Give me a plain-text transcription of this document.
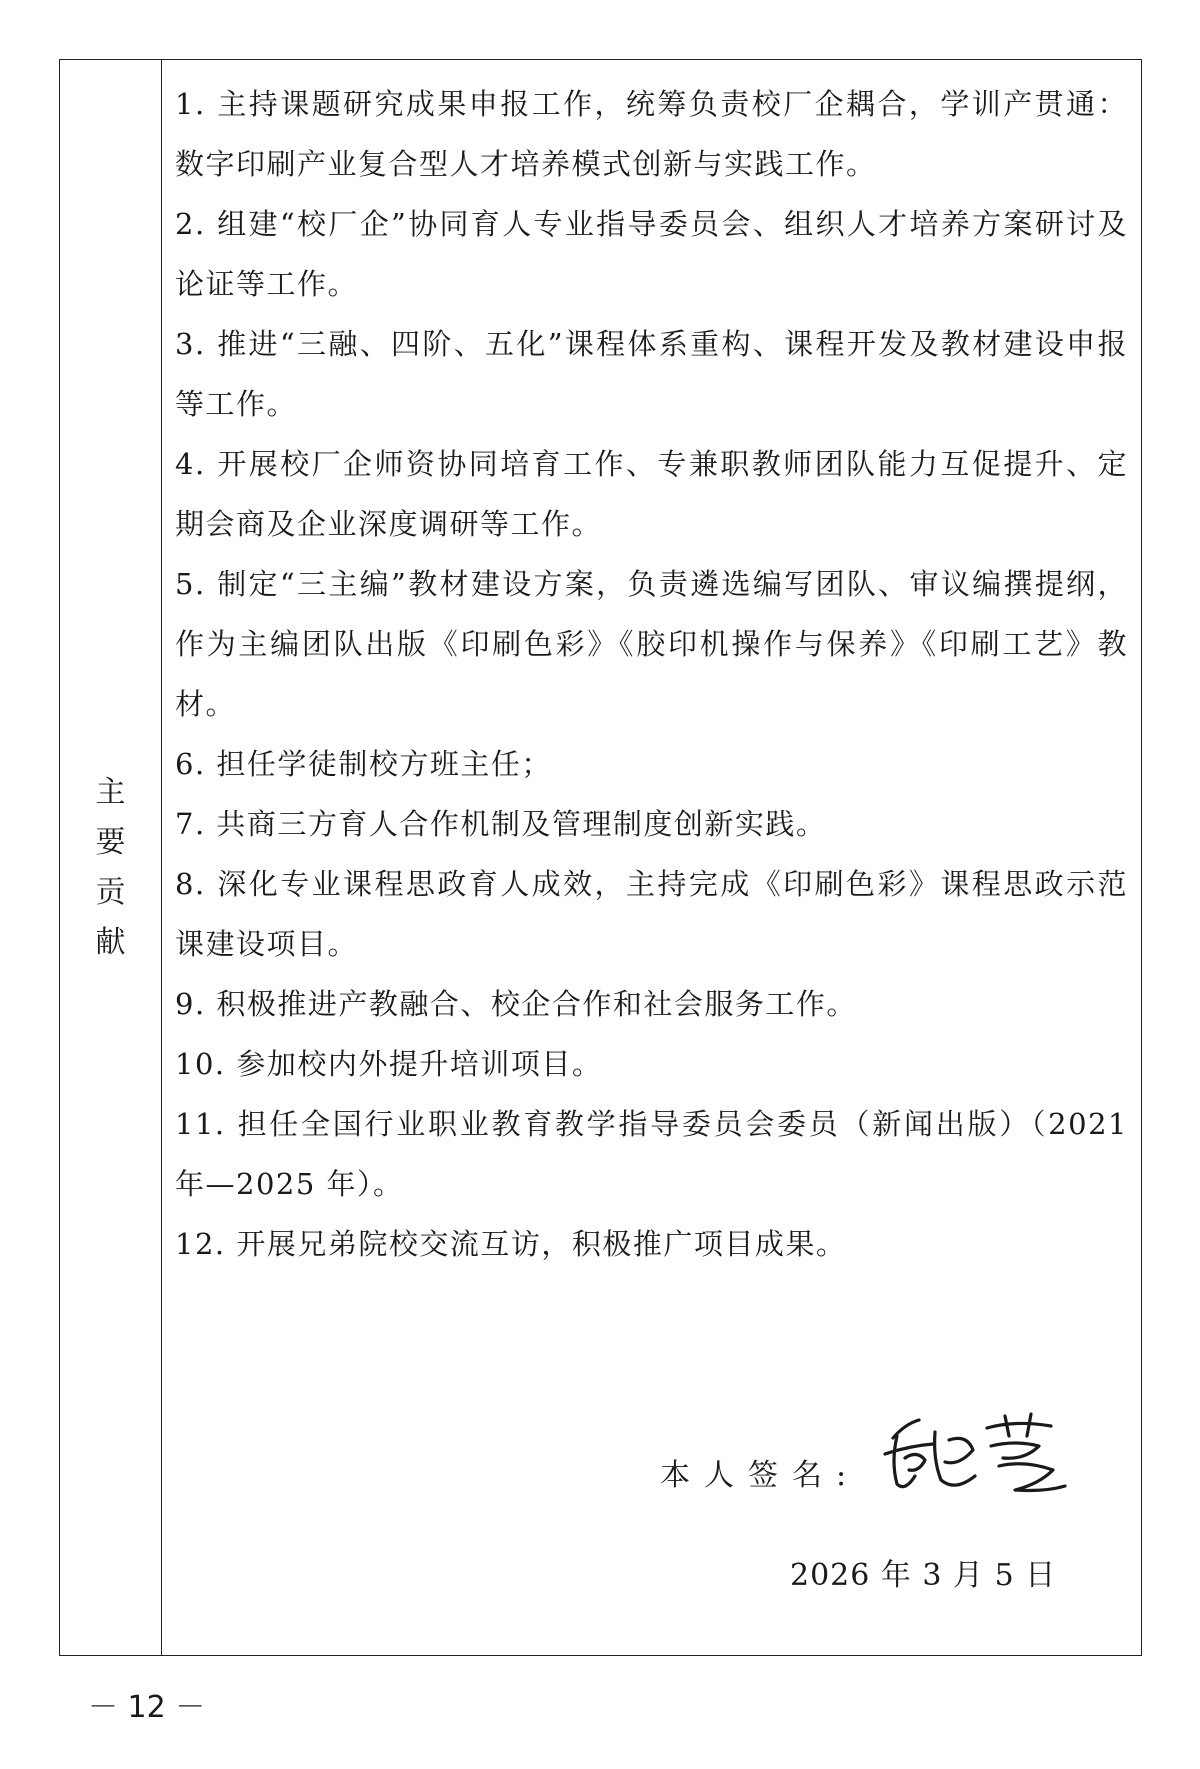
主
要
贡
献

1. 主持课题研究成果申报工作，统筹负责校厂企耦合，学训产贯通：数字印刷产业复合型人才培养模式创新与实践工作。

2. 组建“校厂企”协同育人专业指导委员会、组织人才培养方案研讨及论证等工作。

3. 推进“三融、四阶、五化”课程体系重构、课程开发及教材建设申报等工作。

4. 开展校厂企师资协同培育工作、专兼职教师团队能力互促提升、定期会商及企业深度调研等工作。

5. 制定“三主编”教材建设方案，负责遴选编写团队、审议编撰提纲，作为主编团队出版《印刷色彩》《胶印机操作与保养》《印刷工艺》教材。

6. 担任学徒制校方班主任；

7. 共商三方育人合作机制及管理制度创新实践。

8. 深化专业课程思政育人成效，主持完成《印刷色彩》课程思政示范课建设项目。

9. 积极推进产教融合、校企合作和社会服务工作。

10. 参加校内外提升培训项目。

11. 担任全国行业职业教育教学指导委员会委员（新闻出版）（2021 年—2025 年）。

12. 开展兄弟院校交流互访，积极推广项目成果。

本人签名:
2026 年 3 月 5 日
－ 12 －
